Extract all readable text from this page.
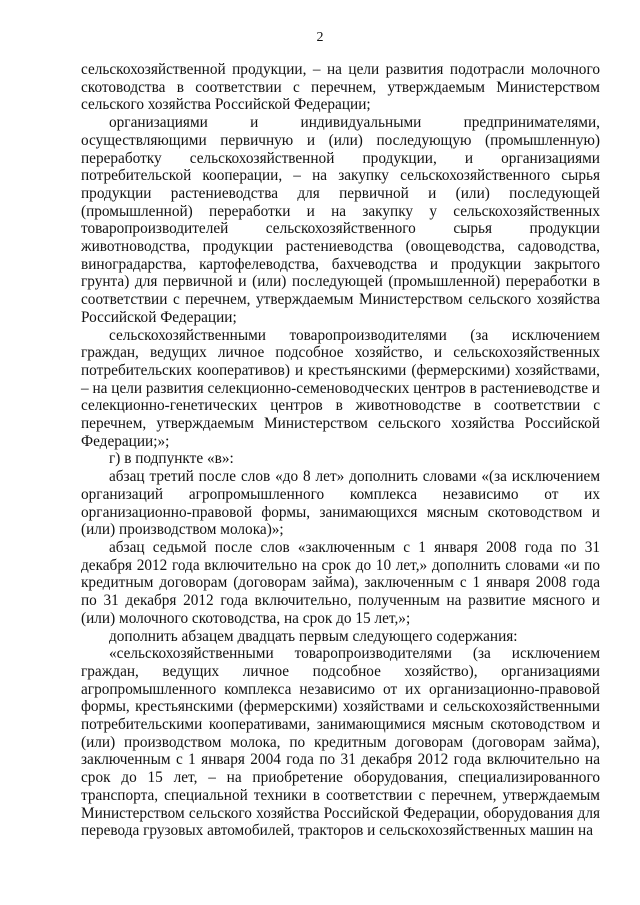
2

сельскохозяйственной продукции, – на цели развития подотрасли молочного скотоводства в соответствии с перечнем, утверждаемым Министерством сельского хозяйства Российской Федерации;

организациями и индивидуальными предпринимателями, осуществляющими первичную и (или) последующую (промышленную) переработку сельскохозяйственной продукции, и организациями потребительской кооперации, – на закупку сельскохозяйственного сырья продукции растениеводства для первичной и (или) последующей (промышленной) переработки и на закупку у сельскохозяйственных товаропроизводителей сельскохозяйственного сырья продукции животноводства, продукции растениеводства (овощеводства, садоводства, виноградарства, картофелеводства, бахчеводства и продукции закрытого грунта) для первичной и (или) последующей (промышленной) переработки в соответствии с перечнем, утверждаемым Министерством сельского хозяйства Российской Федерации;

сельскохозяйственными товаропроизводителями (за исключением граждан, ведущих личное подсобное хозяйство, и сельскохозяйственных потребительских кооперативов) и крестьянскими (фермерскими) хозяйствами, – на цели развития селекционно-семеноводческих центров в растениеводстве и селекционно-генетических центров в животноводстве в соответствии с перечнем, утверждаемым Министерством сельского хозяйства Российской Федерации;»;

г) в подпункте «в»:

абзац третий после слов «до 8 лет» дополнить словами «(за исключением организаций агропромышленного комплекса независимо от их организационно-правовой формы, занимающихся мясным скотоводством и (или) производством молока)»;

абзац седьмой после слов «заключенным с 1 января 2008 года по 31 декабря 2012 года включительно на срок до 10 лет,» дополнить словами «и по кредитным договорам (договорам займа), заключенным с 1 января 2008 года по 31 декабря 2012 года включительно, полученным на развитие мясного и (или) молочного скотоводства, на срок до 15 лет,»;

дополнить абзацем двадцать первым следующего содержания:

«сельскохозяйственными товаропроизводителями (за исключением граждан, ведущих личное подсобное хозяйство), организациями агропромышленного комплекса независимо от их организационно-правовой формы, крестьянскими (фермерскими) хозяйствами и сельскохозяйственными потребительскими кооперативами, занимающимися мясным скотоводством и (или) производством молока, по кредитным договорам (договорам займа), заключенным с 1 января 2004 года по 31 декабря 2012 года включительно на срок до 15 лет, – на приобретение оборудования, специализированного транспорта, специальной техники в соответствии с перечнем, утверждаемым Министерством сельского хозяйства Российской Федерации, оборудования для перевода грузовых автомобилей, тракторов и сельскохозяйственных машин на
